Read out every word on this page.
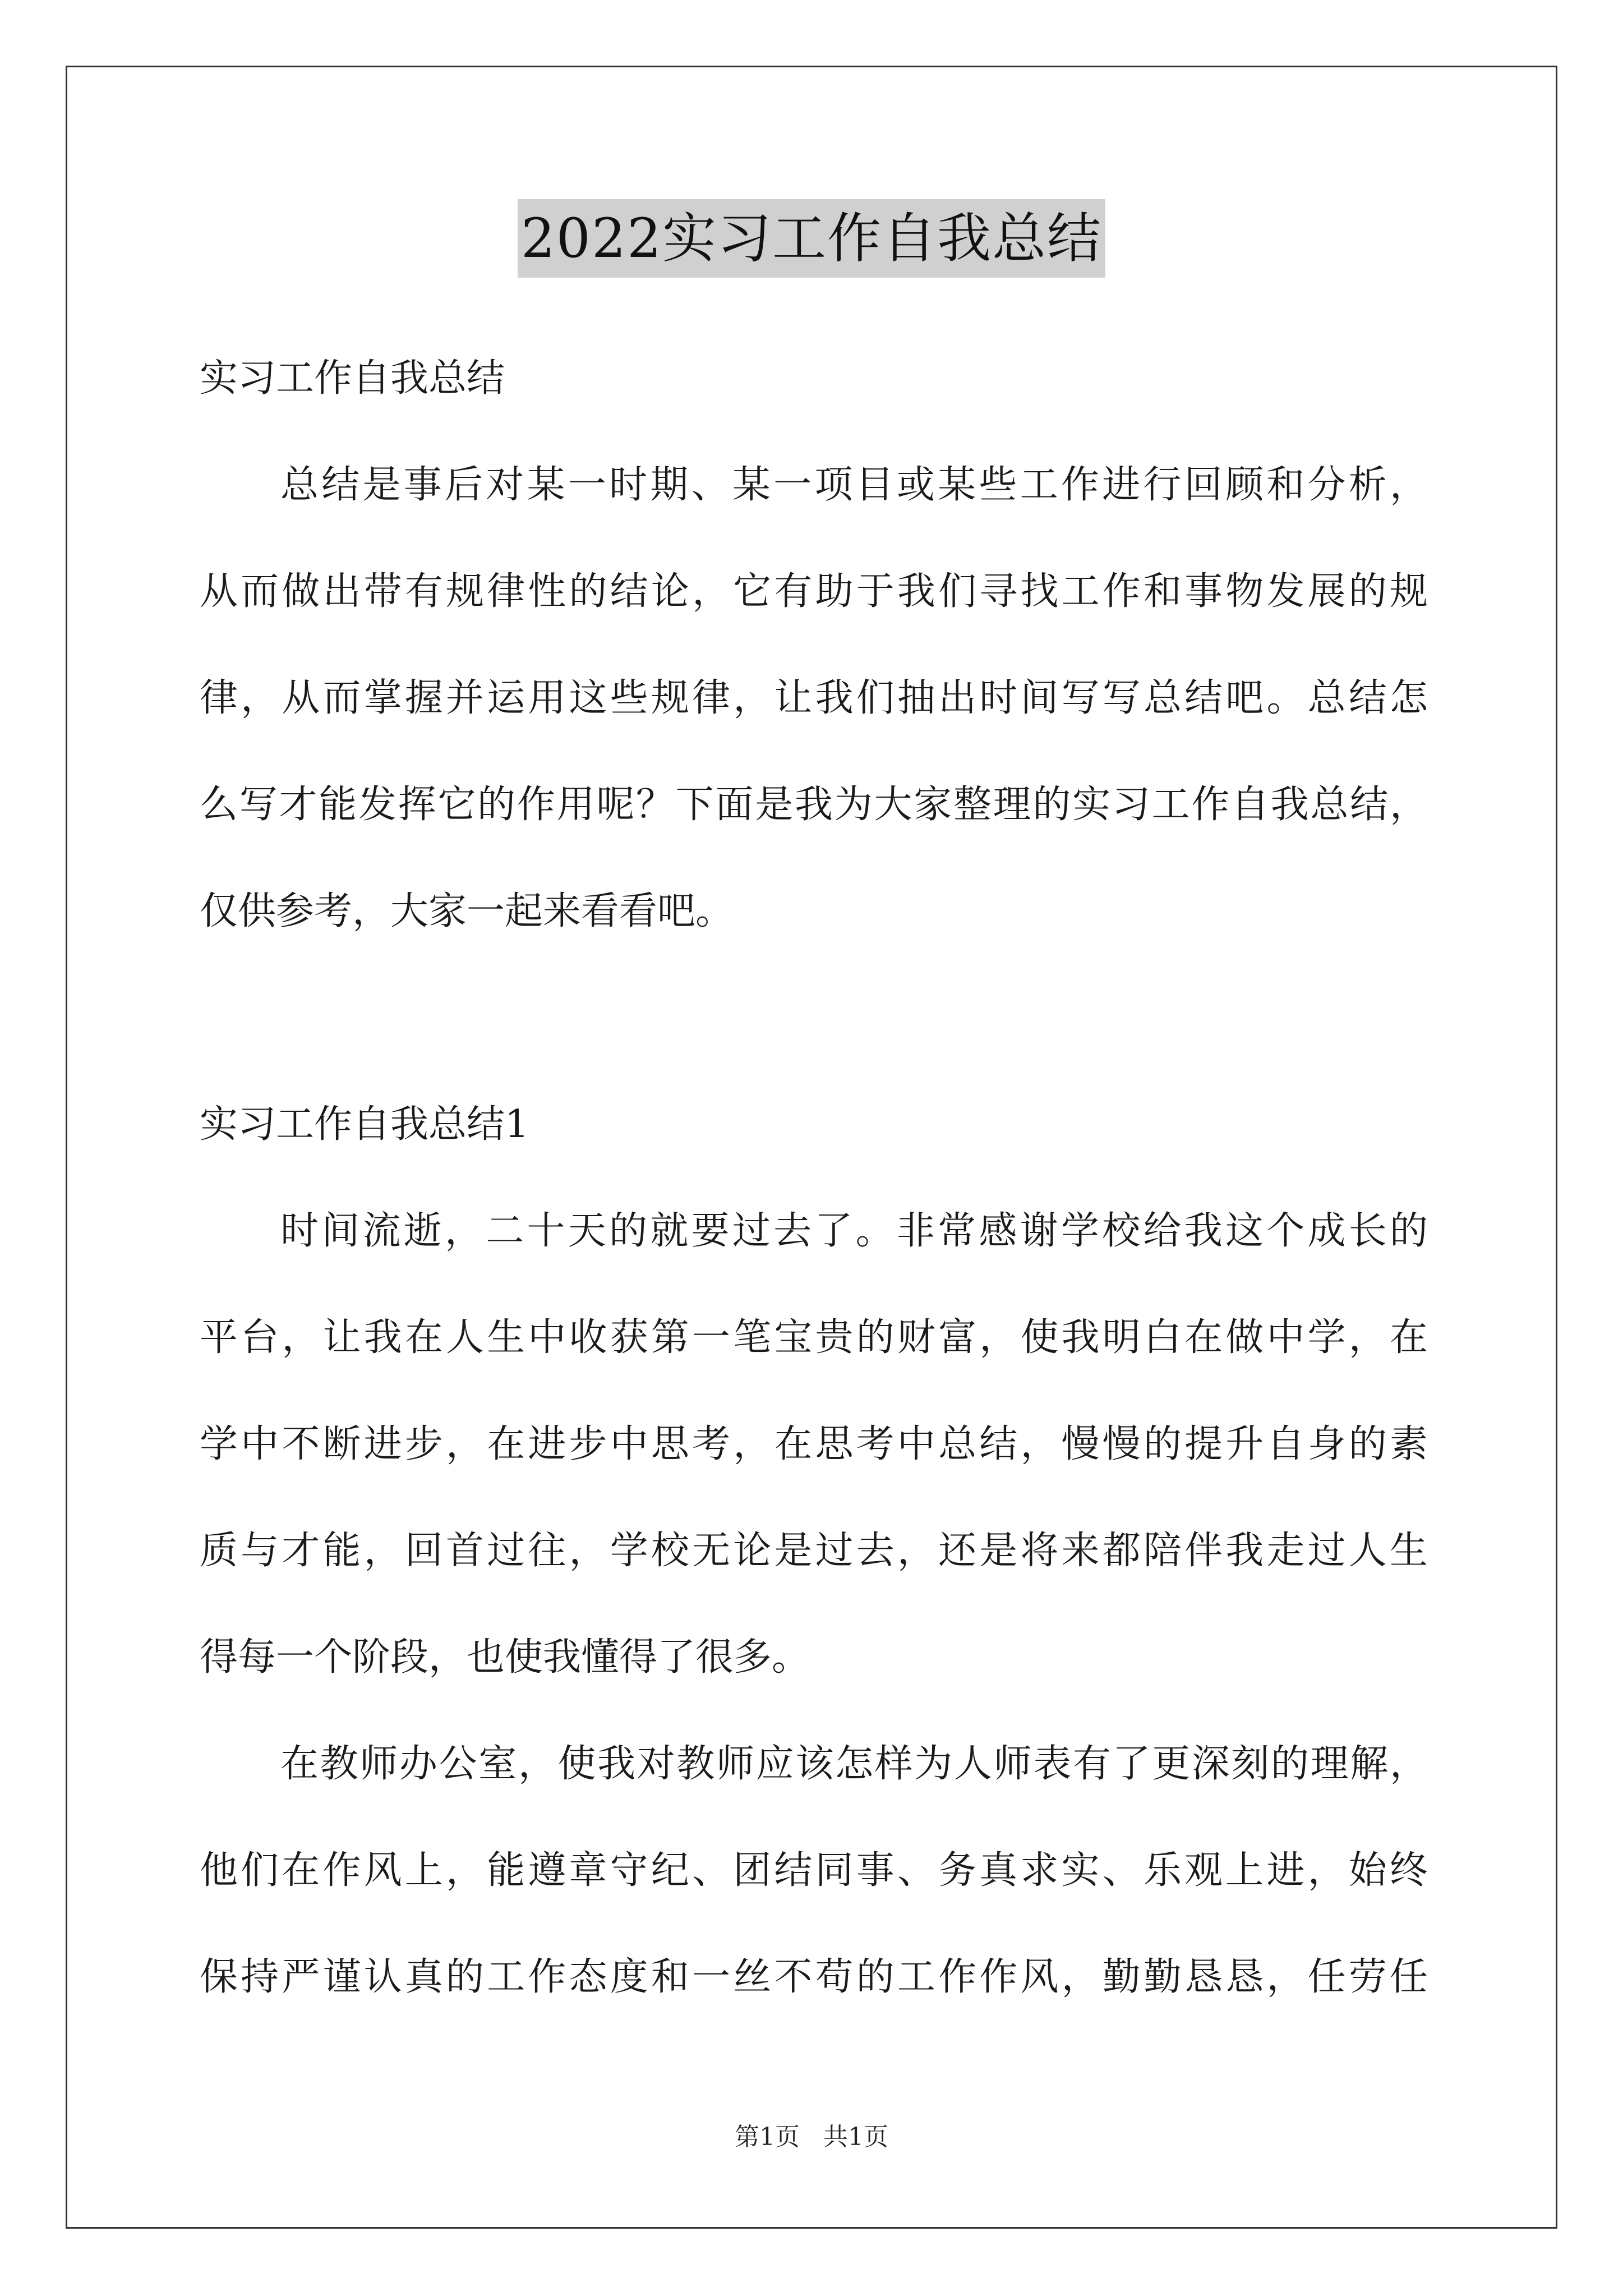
2022实习工作自我总结
实习工作自我总结
总结是事后对某一时期、某一项目或某些工作进行回顾和分析，
从而做出带有规律性的结论，它有助于我们寻找工作和事物发展的规
律，从而掌握并运用这些规律，让我们抽出时间写写总结吧。总结怎
么写才能发挥它的作用呢？下面是我为大家整理的实习工作自我总结，
仅供参考，大家一起来看看吧。
实习工作自我总结1
时间流逝，二十天的就要过去了。非常感谢学校给我这个成长的
平台，让我在人生中收获第一笔宝贵的财富，使我明白在做中学，在
学中不断进步，在进步中思考，在思考中总结，慢慢的提升自身的素
质与才能，回首过往，学校无论是过去，还是将来都陪伴我走过人生
得每一个阶段，也使我懂得了很多。
在教师办公室，使我对教师应该怎样为人师表有了更深刻的理解，
他们在作风上，能遵章守纪、团结同事、务真求实、乐观上进，始终
保持严谨认真的工作态度和一丝不苟的工作作风，勤勤恳恳，任劳任
第1页   共1页
